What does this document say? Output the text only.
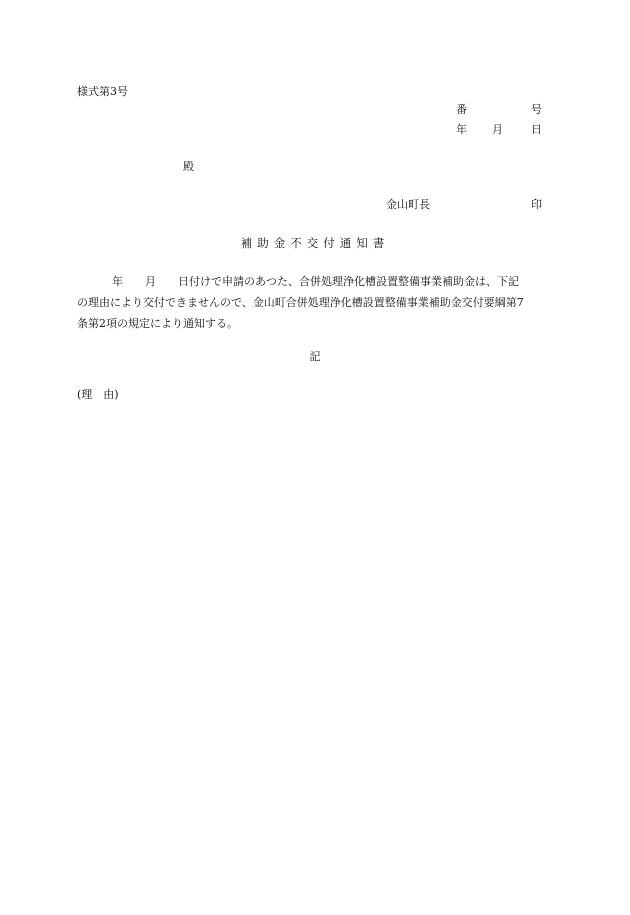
様式第3号
番	号
年 月	日
殿
金山町長	印
補助金不交付通知書
年　　月　　日付けで申請のあつた、合併処理浄化槽設置整備事業補助金は、下記
の理由により交付できませんので、金山町合併処理浄化槽設置整備事業補助金交付要綱第7
条第2項の規定により通知する。
記
(理　由)
